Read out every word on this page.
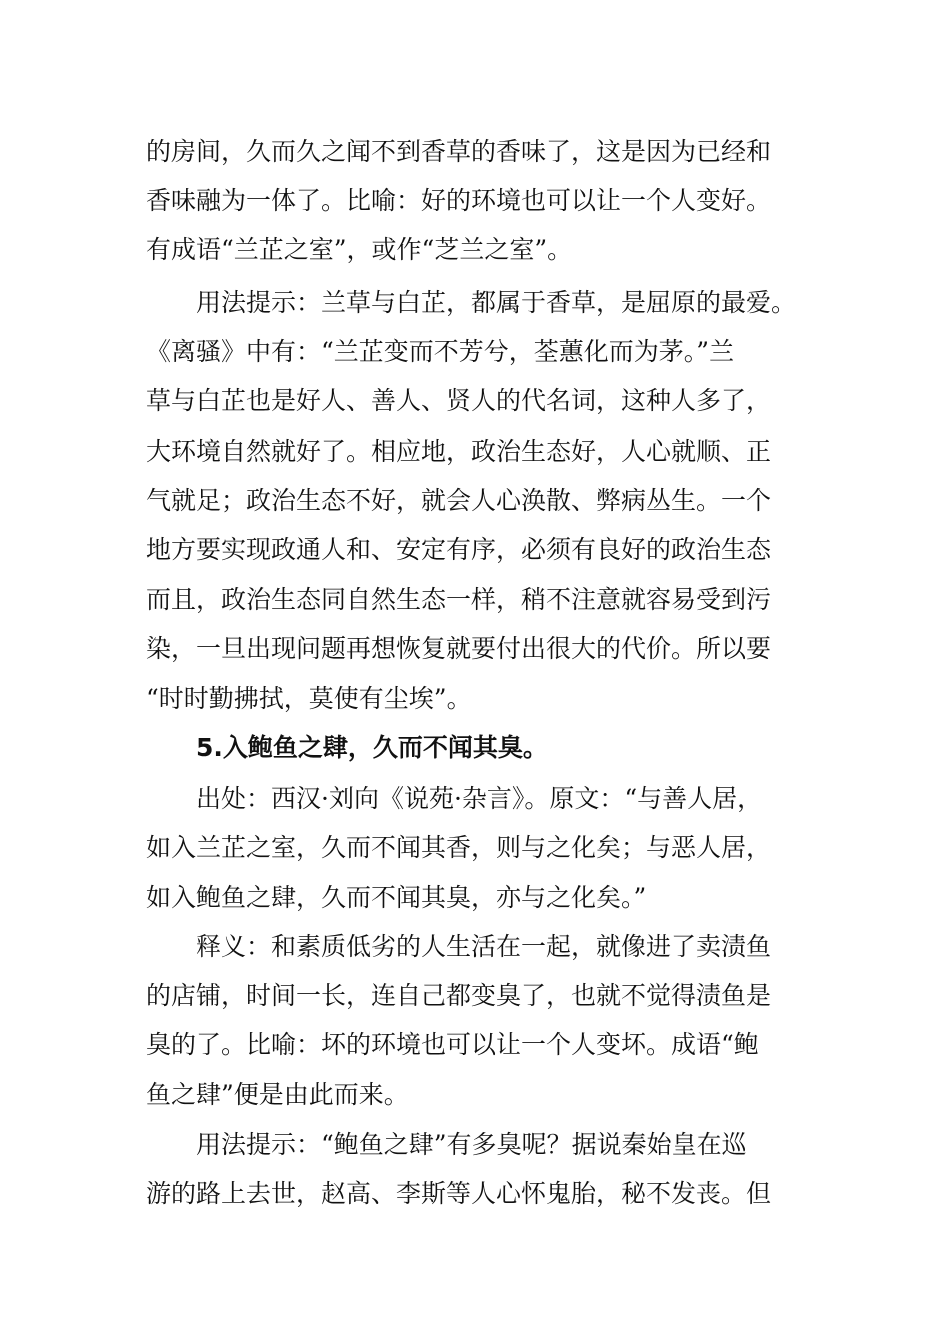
的房间，久而久之闻不到香草的香味了，这是因为已经和
香味融为一体了。比喻：好的环境也可以让一个人变好。
有成语“兰芷之室”，或作“芝兰之室”。
用法提示：兰草与白芷，都属于香草，是屈原的最爱。
《离骚》中有：“兰芷变而不芳兮，荃蕙化而为茅。”兰
草与白芷也是好人、善人、贤人的代名词，这种人多了，
大环境自然就好了。相应地，政治生态好，人心就顺、正
气就足；政治生态不好，就会人心涣散、弊病丛生。一个
地方要实现政通人和、安定有序，必须有良好的政治生态
而且，政治生态同自然生态一样，稍不注意就容易受到污
染，一旦出现问题再想恢复就要付出很大的代价。所以要
“时时勤拂拭，莫使有尘埃”。
5.入鲍鱼之肆，久而不闻其臭。
出处：西汉·刘向《说苑·杂言》。原文：“与善人居，
如入兰芷之室，久而不闻其香，则与之化矣；与恶人居，
如入鲍鱼之肆，久而不闻其臭，亦与之化矣。”
释义：和素质低劣的人生活在一起，就像进了卖渍鱼
的店铺，时间一长，连自己都变臭了，也就不觉得渍鱼是
臭的了。比喻：坏的环境也可以让一个人变坏。成语“鲍
鱼之肆”便是由此而来。
用法提示：“鲍鱼之肆”有多臭呢？据说秦始皇在巡
游的路上去世，赵高、李斯等人心怀鬼胎，秘不发丧。但
